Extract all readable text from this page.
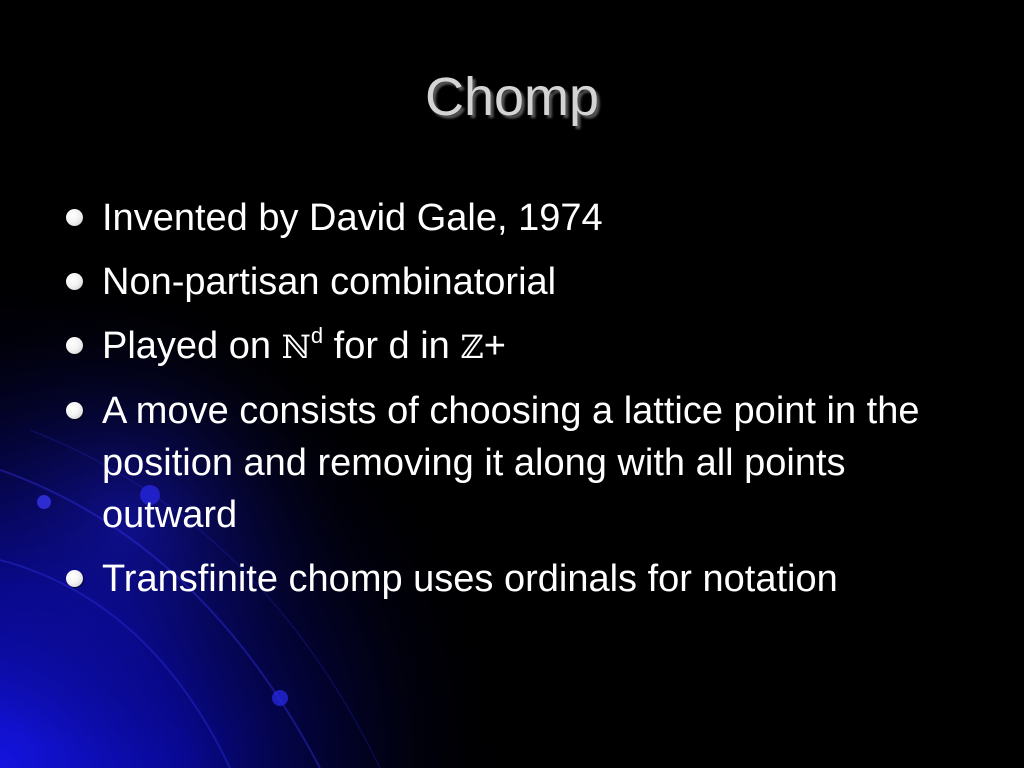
Chomp
Invented by David Gale, 1974
Non-partisan combinatorial
Played on ℕ$^d$ for d in ℤ+
A move consists of choosing a lattice point in the position and removing it along with all points outward
Transfinite chomp uses ordinals for notation
